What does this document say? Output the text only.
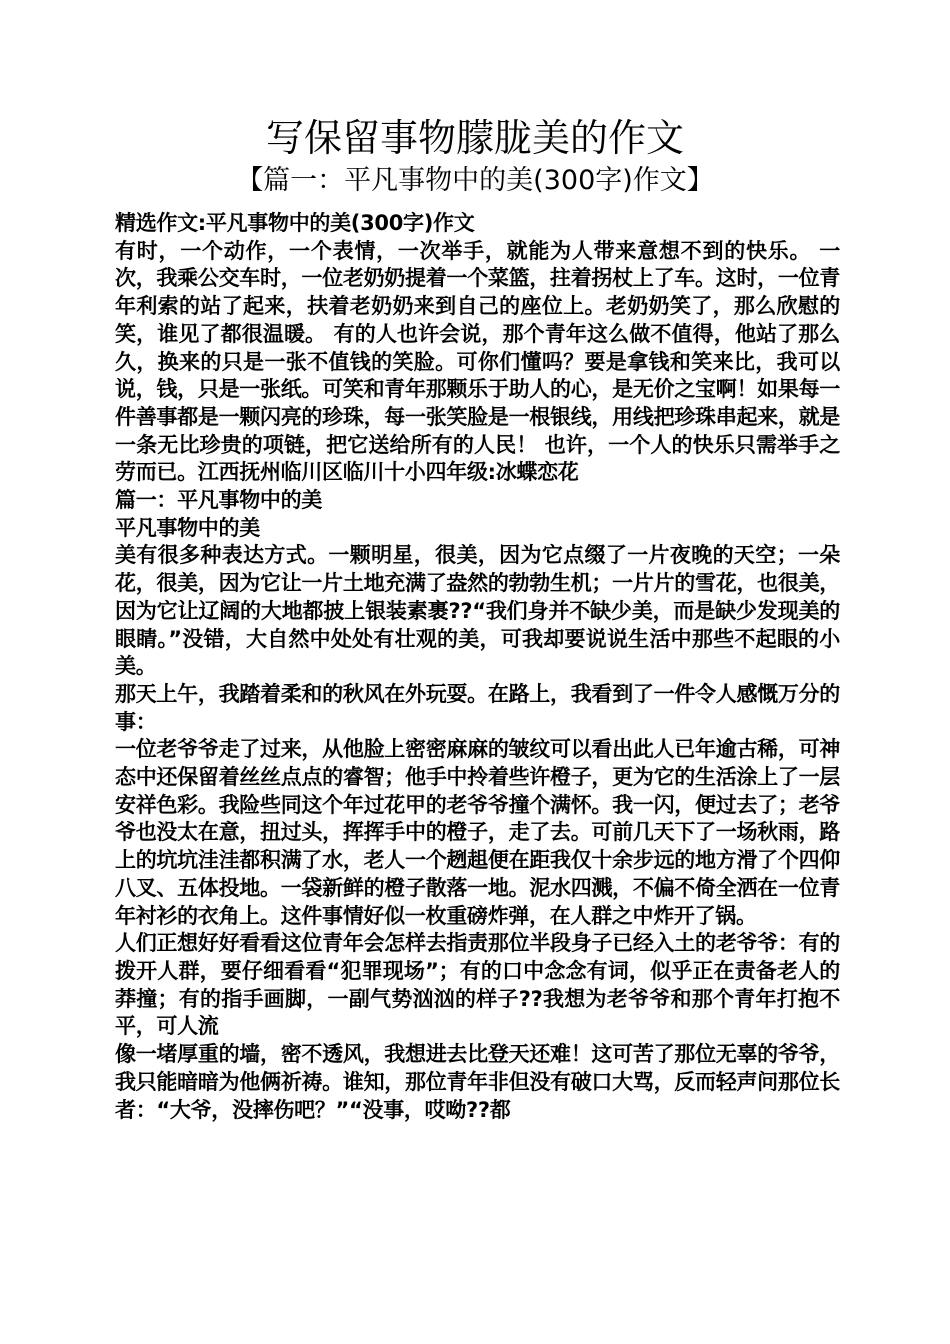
写保留事物朦胧美的作文
【篇一：平凡事物中的美(300字)作文】

精选作文:平凡事物中的美(300字)作文

有时，一个动作，一个表情，一次举手，就能为人带来意想不到的快乐。 一次，我乘公交车时，一位老奶奶提着一个菜篮，拄着拐杖上了车。这时，一位青年利索的站了起来，扶着老奶奶来到自己的座位上。老奶奶笑了，那么欣慰的笑，谁见了都很温暖。 有的人也许会说，那个青年这么做不值得，他站了那么久，换来的只是一张不值钱的笑脸。可你们懂吗？要是拿钱和笑来比，我可以说，钱，只是一张纸。可笑和青年那颗乐于助人的心，是无价之宝啊！如果每一件善事都是一颗闪亮的珍珠，每一张笑脸是一根银线，用线把珍珠串起来，就是一条无比珍贵的项链，把它送给所有的人民！ 也许，一个人的快乐只需举手之劳而已。江西抚州临川区临川十小四年级:冰蝶恋花

篇一：平凡事物中的美

平凡事物中的美

美有很多种表达方式。一颗明星，很美，因为它点缀了一片夜晚的天空；一朵花，很美，因为它让一片土地充满了盎然的勃勃生机；一片片的雪花，也很美，因为它让辽阔的大地都披上银装素裹??“我们身并不缺少美，而是缺少发现美的眼睛。”没错，大自然中处处有壮观的美，可我却要说说生活中那些不起眼的小美。

那天上午，我踏着柔和的秋风在外玩耍。在路上，我看到了一件令人感慨万分的事：

一位老爷爷走了过来，从他脸上密密麻麻的皱纹可以看出此人已年逾古稀，可神态中还保留着丝丝点点的睿智；他手中拎着些许橙子，更为它的生活涂上了一层安祥色彩。我险些同这个年过花甲的老爷爷撞个满怀。我一闪，便过去了；老爷爷也没太在意，扭过头，挥挥手中的橙子，走了去。可前几天下了一场秋雨，路上的坑坑洼洼都积满了水，老人一个趔趄便在距我仅十余步远的地方滑了个四仰八叉、五体投地。一袋新鲜的橙子散落一地。泥水四溅，不偏不倚全洒在一位青年衬衫的衣角上。这件事情好似一枚重磅炸弹，在人群之中炸开了锅。

人们正想好好看看这位青年会怎样去指责那位半段身子已经入土的老爷爷：有的拨开人群，要仔细看看“犯罪现场”；有的口中念念有词，似乎正在责备老人的莽撞；有的指手画脚，一副气势汹汹的样子??我想为老爷爷和那个青年打抱不平，可人流

像一堵厚重的墙，密不透风，我想进去比登天还难！这可苦了那位无辜的爷爷，我只能暗暗为他俩祈祷。谁知，那位青年非但没有破口大骂，反而轻声问那位长者：“大爷，没摔伤吧？”“没事，哎呦??都
